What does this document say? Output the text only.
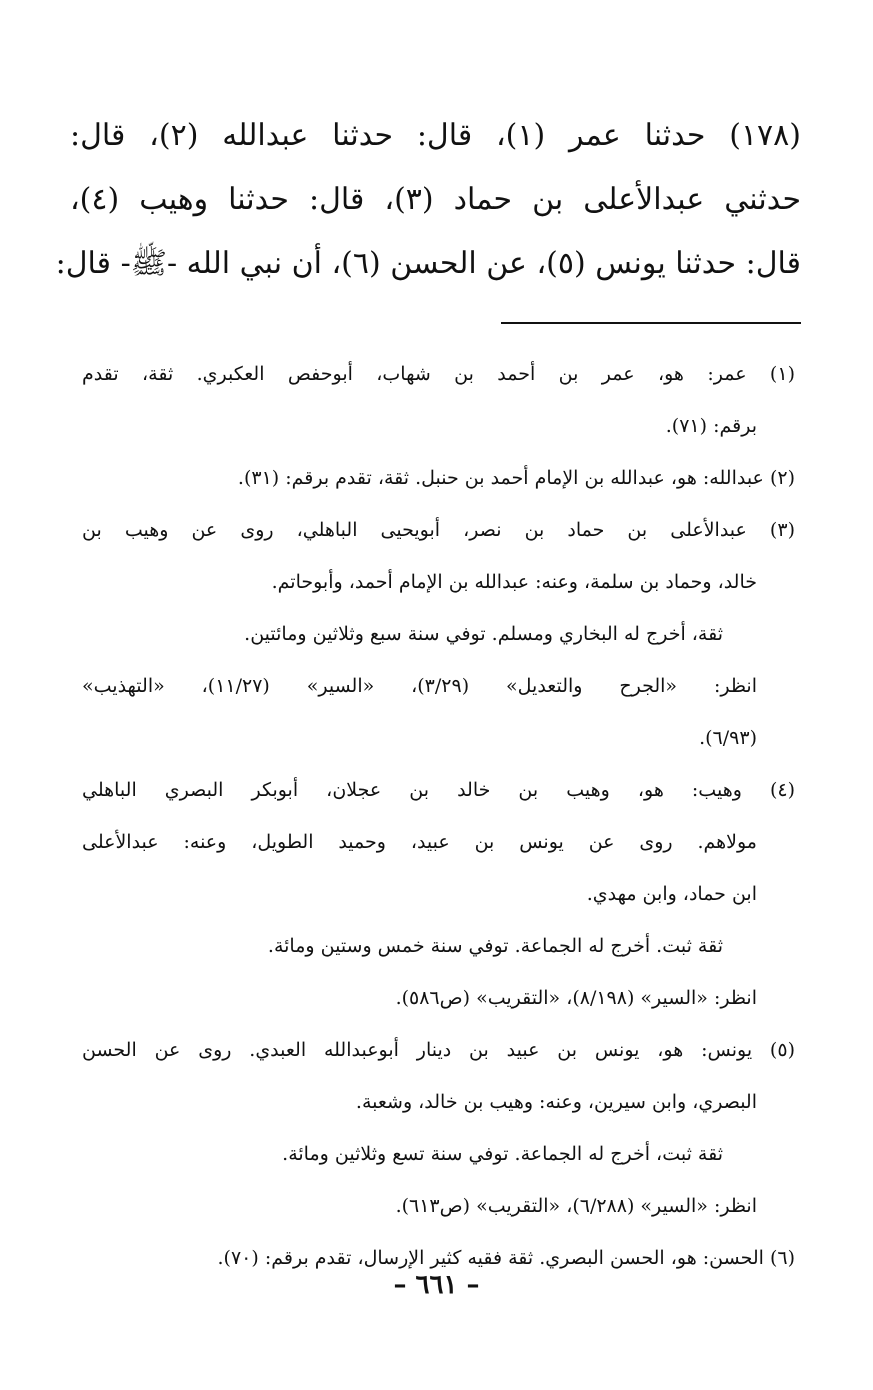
(١٧٨) حدثنا عمر (١)، قال: حدثنا عبدالله (٢)، قال:
حدثني عبدالأعلى بن حماد (٣)، قال: حدثنا وهيب (٤)،
قال: حدثنا يونس (٥)، عن الحسن (٦)، أن نبي الله -ﷺ- قال:
(١) عمر: هو، عمر بن أحمد بن شهاب، أبوحفص العكبري. ثقة، تقدم
برقم: (٧١).
(٢) عبدالله: هو، عبدالله بن الإمام أحمد بن حنبل. ثقة، تقدم برقم: (٣١).
(٣) عبدالأعلى بن حماد بن نصر، أبويحيى الباهلي، روى عن وهيب بن
خالد، وحماد بن سلمة، وعنه: عبدالله بن الإمام أحمد، وأبوحاتم.
ثقة، أخرج له البخاري ومسلم. توفي سنة سبع وثلاثين ومائتين.
انظر: «الجرح والتعديل» (٣/٢٩)، «السير» (١١/٢٧)، «التهذيب»
(٦/٩٣).
(٤) وهيب: هو، وهيب بن خالد بن عجلان، أبوبكر البصري الباهلي
مولاهم. روى عن يونس بن عبيد، وحميد الطويل، وعنه: عبدالأعلى
ابن حماد، وابن مهدي.
ثقة ثبت. أخرج له الجماعة. توفي سنة خمس وستين ومائة.
انظر: «السير» (٨/١٩٨)، «التقريب» (ص٥٨٦).
(٥) يونس: هو، يونس بن عبيد بن دينار أبوعبدالله العبدي. روى عن الحسن
البصري، وابن سيرين، وعنه: وهيب بن خالد، وشعبة.
ثقة ثبت، أخرج له الجماعة. توفي سنة تسع وثلاثين ومائة.
انظر: «السير» (٦/٢٨٨)، «التقريب» (ص٦١٣).
(٦) الحسن: هو، الحسن البصري. ثقة فقيه كثير الإرسال، تقدم برقم: (٧٠).
– ٦٦١ –
